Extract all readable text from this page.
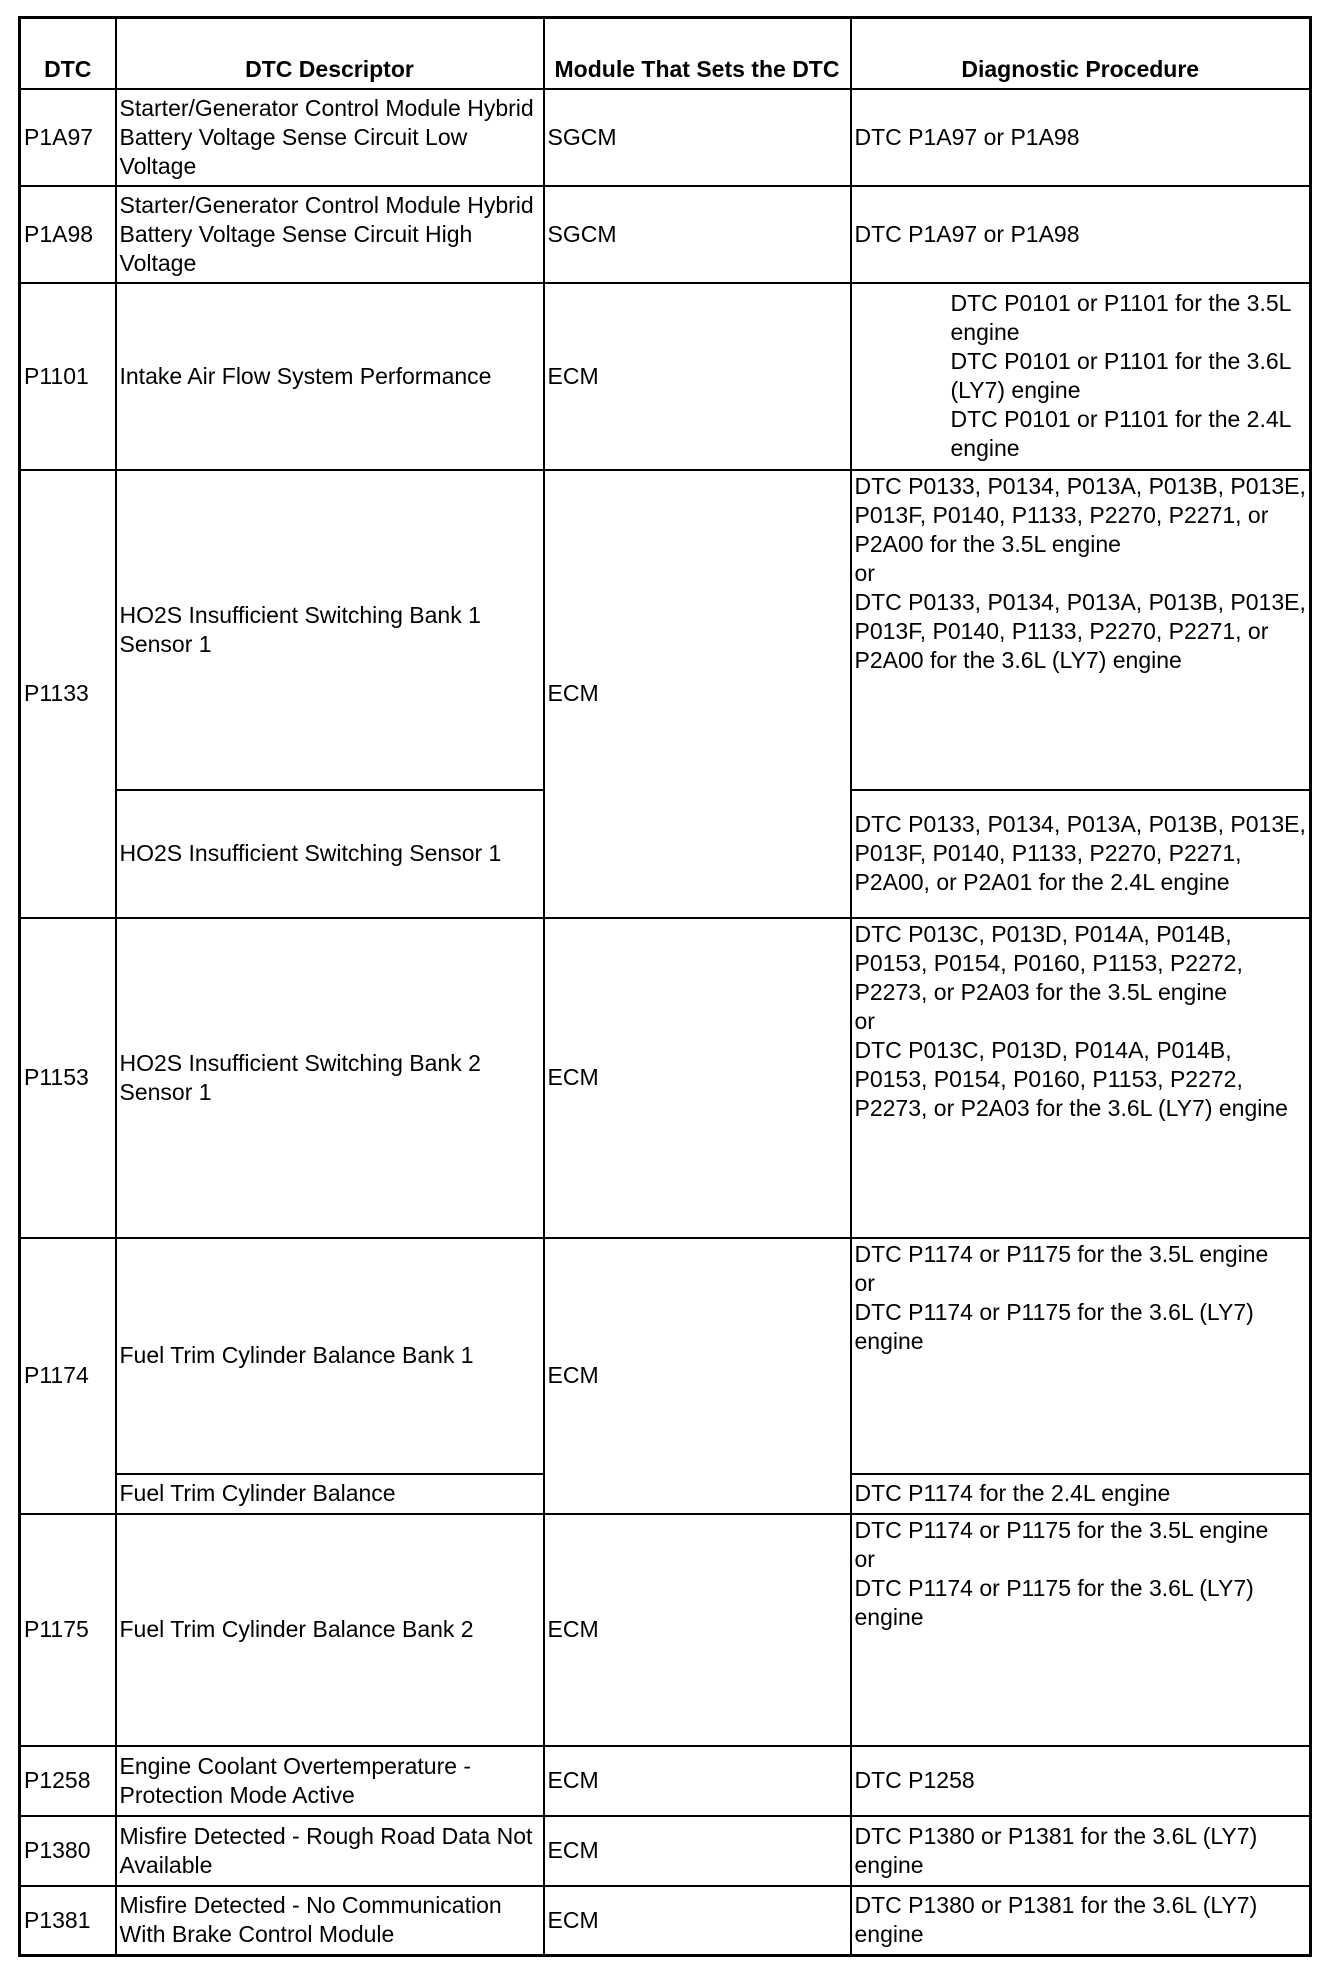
DTC	DTC Descriptor	Module That Sets the DTC	Diagnostic Procedure
P1A97	Starter/Generator Control Module Hybrid Battery Voltage Sense Circuit Low Voltage	SGCM	DTC P1A97 or P1A98
P1A98	Starter/Generator Control Module Hybrid Battery Voltage Sense Circuit High Voltage	SGCM	DTC P1A97 or P1A98
P1101	Intake Air Flow System Performance	ECM	DTC P0101 or P1101 for the 3.5L engine
DTC P0101 or P1101 for the 3.6L (LY7) engine
DTC P0101 or P1101 for the 2.4L engine

P1133	HO2S Insufficient Switching Bank 1 Sensor 1	ECM	DTC P0133, P0134, P013A, P013B, P013E, P013F, P0140, P1133, P2270, P2271, or P2A00 for the 3.5L engine
or
DTC P0133, P0134, P013A, P013B, P013E, P013F, P0140, P1133, P2270, P2271, or P2A00 for the 3.6L (LY7) engine

	HO2S Insufficient Switching Sensor 1		DTC P0133, P0134, P013A, P013B, P013E, P013F, P0140, P1133, P2270, P2271, P2A00, or P2A01 for the 2.4L engine
P1153	HO2S Insufficient Switching Bank 2 Sensor 1	ECM	DTC P013C, P013D, P014A, P014B, P0153, P0154, P0160, P1153, P2272, P2273, or P2A03 for the 3.5L engine
or
DTC P013C, P013D, P014A, P014B, P0153, P0154, P0160, P1153, P2272, P2273, or P2A03 for the 3.6L (LY7) engine

P1174	Fuel Trim Cylinder Balance Bank 1	ECM	DTC P1174 or P1175 for the 3.5L engine
or
DTC P1174 or P1175 for the 3.6L (LY7) engine

	Fuel Trim Cylinder Balance		DTC P1174 for the 2.4L engine
P1175	Fuel Trim Cylinder Balance Bank 2	ECM	DTC P1174 or P1175 for the 3.5L engine
or
DTC P1174 or P1175 for the 3.6L (LY7) engine

P1258	Engine Coolant Overtemperature - Protection Mode Active	ECM	DTC P1258
P1380	Misfire Detected - Rough Road Data Not Available	ECM	DTC P1380 or P1381 for the 3.6L (LY7) engine
P1381	Misfire Detected - No Communication With Brake Control Module	ECM	DTC P1380 or P1381 for the 3.6L (LY7) engine
